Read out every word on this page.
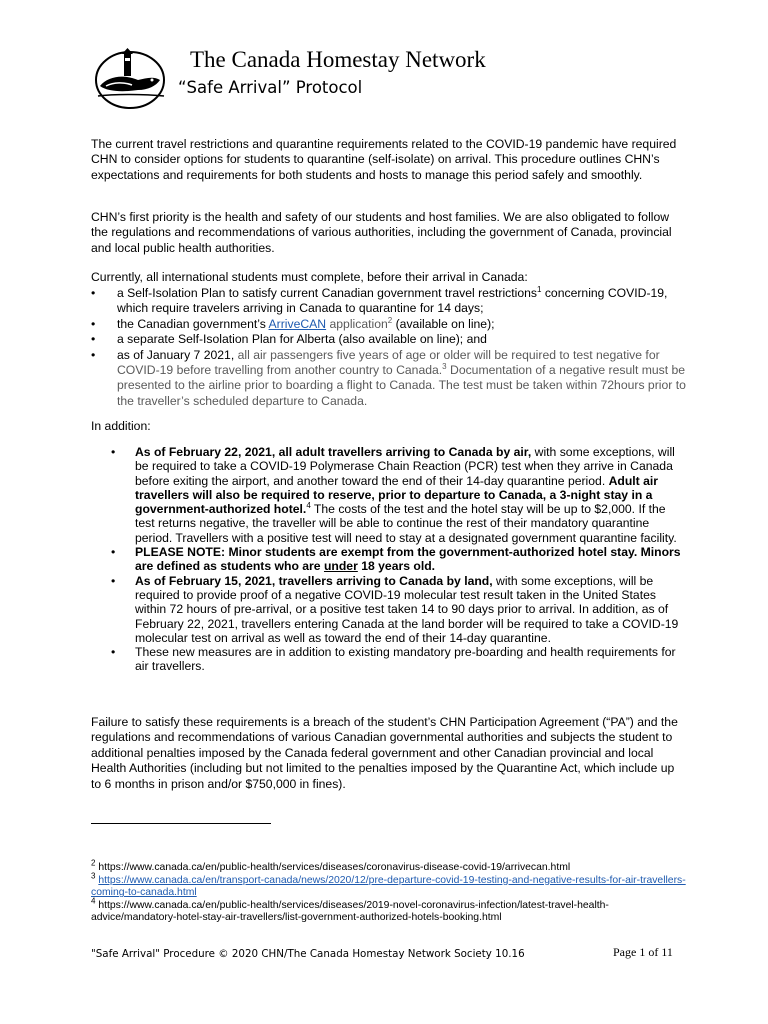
The Canada Homestay Network
“Safe Arrival” Protocol

The current travel restrictions and quarantine requirements related to the COVID-19 pandemic have required CHN to consider options for students to quarantine (self-isolate) on arrival. This procedure outlines CHN’s expectations and requirements for both students and hosts to manage this period safely and smoothly.

CHN’s first priority is the health and safety of our students and host families. We are also obligated to follow the regulations and recommendations of various authorities, including the government of Canada, provincial and local public health authorities.

Currently, all international students must complete, before their arrival in Canada:

• a Self-Isolation Plan to satisfy current Canadian government travel restrictions$^1$ concerning COVID-19, which require travelers arriving in Canada to quarantine for 14 days;
• the Canadian government’s ArriveCAN application$^2$ (available on line);
• a separate Self-Isolation Plan for Alberta (also available on line); and
• as of January 7 2021, all air passengers five years of age or older will be required to test negative for COVID-19 before travelling from another country to Canada.$^3$ Documentation of a negative result must be presented to the airline prior to boarding a flight to Canada. The test must be taken within 72hours prior to the traveller’s scheduled departure to Canada.

In addition:

• As of February 22, 2021, all adult travellers arriving to Canada by air, with some exceptions, will be required to take a COVID-19 Polymerase Chain Reaction (PCR) test when they arrive in Canada before exiting the airport, and another toward the end of their 14-day quarantine period. Adult air travellers will also be required to reserve, prior to departure to Canada, a 3-night stay in a government-authorized hotel.$^4$ The costs of the test and the hotel stay will be up to $2,000. If the test returns negative, the traveller will be able to continue the rest of their mandatory quarantine period. Travellers with a positive test will need to stay at a designated government quarantine facility.
• PLEASE NOTE: Minor students are exempt from the government-authorized hotel stay. Minors are defined as students who are under 18 years old.
• As of February 15, 2021, travellers arriving to Canada by land, with some exceptions, will be required to provide proof of a negative COVID-19 molecular test result taken in the United States within 72 hours of pre-arrival, or a positive test taken 14 to 90 days prior to arrival. In addition, as of February 22, 2021, travellers entering Canada at the land border will be required to take a COVID-19 molecular test on arrival as well as toward the end of their 14-day quarantine.
• These new measures are in addition to existing mandatory pre-boarding and health requirements for air travellers.

Failure to satisfy these requirements is a breach of the student’s CHN Participation Agreement (“PA”) and the regulations and recommendations of various Canadian governmental authorities and subjects the student to additional penalties imposed by the Canada federal government and other Canadian provincial and local Health Authorities (including but not limited to the penalties imposed by the Quarantine Act, which include up to 6 months in prison and/or $750,000 in fines).

$^2$ https://www.canada.ca/en/public-health/services/diseases/coronavirus-disease-covid-19/arrivecan.html
$^3$ https://www.canada.ca/en/transport-canada/news/2020/12/pre-departure-covid-19-testing-and-negative-results-for-air-travellers-coming-to-canada.html
$^4$ https://www.canada.ca/en/public-health/services/diseases/2019-novel-coronavirus-infection/latest-travel-health-advice/mandatory-hotel-stay-air-travellers/list-government-authorized-hotels-booking.html
"Safe Arrival" Procedure © 2020 CHN/The Canada Homestay Network Society 10.16	Page 1 of 11
